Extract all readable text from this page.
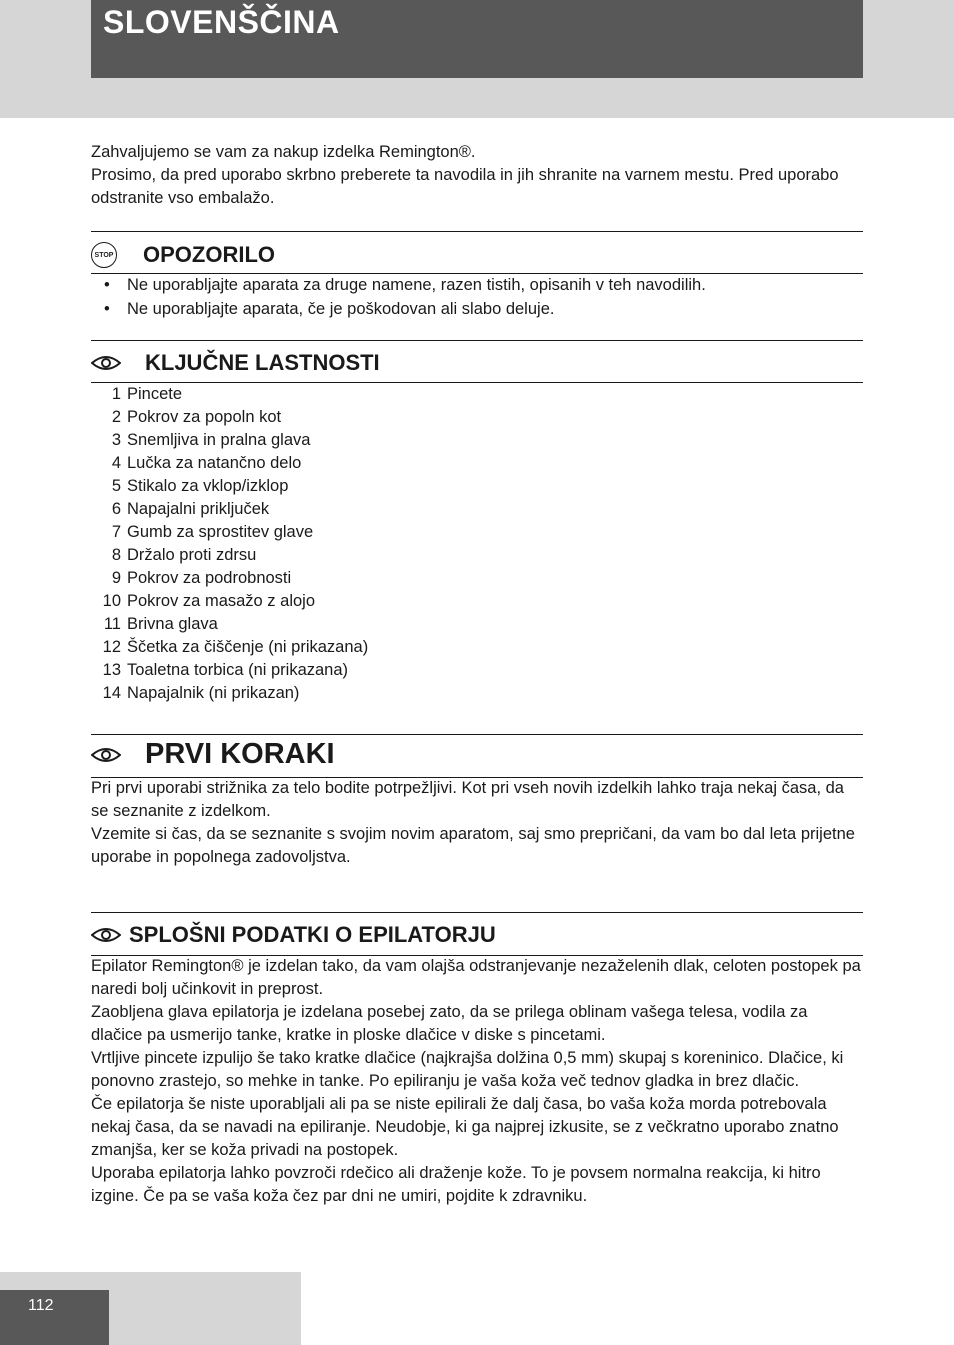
SLOVENŠČINA

Zahvaljujemo se vam za nakup izdelka Remington®.

Prosimo, da pred uporabo skrbno preberete ta navodila in jih shranite na varnem mestu. Pred uporabo odstranite vso embalažo.

STOP OPOZORILO
• Ne uporabljajte aparata za druge namene, razen tistih, opisanih v teh navodilih.
• Ne uporabljajte aparata, če je poškodovan ali slabo deluje.
KLJUČNE LASTNOSTI
1 Pincete
2 Pokrov za popoln kot
3 Snemljiva in pralna glava
4 Lučka za natančno delo
5 Stikalo za vklop/izklop
6 Napajalni priključek
7 Gumb za sprostitev glave
8 Držalo proti zdrsu
9 Pokrov za podrobnosti
10 Pokrov za masažo z alojo
11 Brivna glava
12 Ščetka za čiščenje (ni prikazana)
13 Toaletna torbica (ni prikazana)
14 Napajalnik (ni prikazan)
PRVI KORAKI

Pri prvi uporabi strižnika za telo bodite potrpežljivi. Kot pri vseh novih izdelkih lahko traja nekaj časa, da se seznanite z izdelkom.

Vzemite si čas, da se seznanite s svojim novim aparatom, saj smo prepričani, da vam bo dal leta prijetne uporabe in popolnega zadovoljstva.

SPLOŠNI PODATKI O EPILATORJU

Epilator Remington® je izdelan tako, da vam olajša odstranjevanje nezaželenih dlak, celoten postopek pa naredi bolj učinkovit in preprost.

Zaobljena glava epilatorja je izdelana posebej zato, da se prilega oblinam vašega telesa, vodila za dlačice pa usmerijo tanke, kratke in ploske dlačice v diske s pincetami.

Vrtljive pincete izpulijo še tako kratke dlačice (najkrajša dolžina 0,5 mm) skupaj s koreninico. Dlačice, ki ponovno zrastejo, so mehke in tanke. Po epiliranju je vaša koža več tednov gladka in brez dlačic.

Če epilatorja še niste uporabljali ali pa se niste epilirali že dalj časa, bo vaša koža morda potrebovala nekaj časa, da se navadi na epiliranje. Neudobje, ki ga najprej izkusite, se z večkratno uporabo znatno zmanjša, ker se koža privadi na postopek.

Uporaba epilatorja lahko povzroči rdečico ali draženje kože. To je povsem normalna reakcija, ki hitro izgine. Če pa se vaša koža čez par dni ne umiri, pojdite k zdravniku.

112
